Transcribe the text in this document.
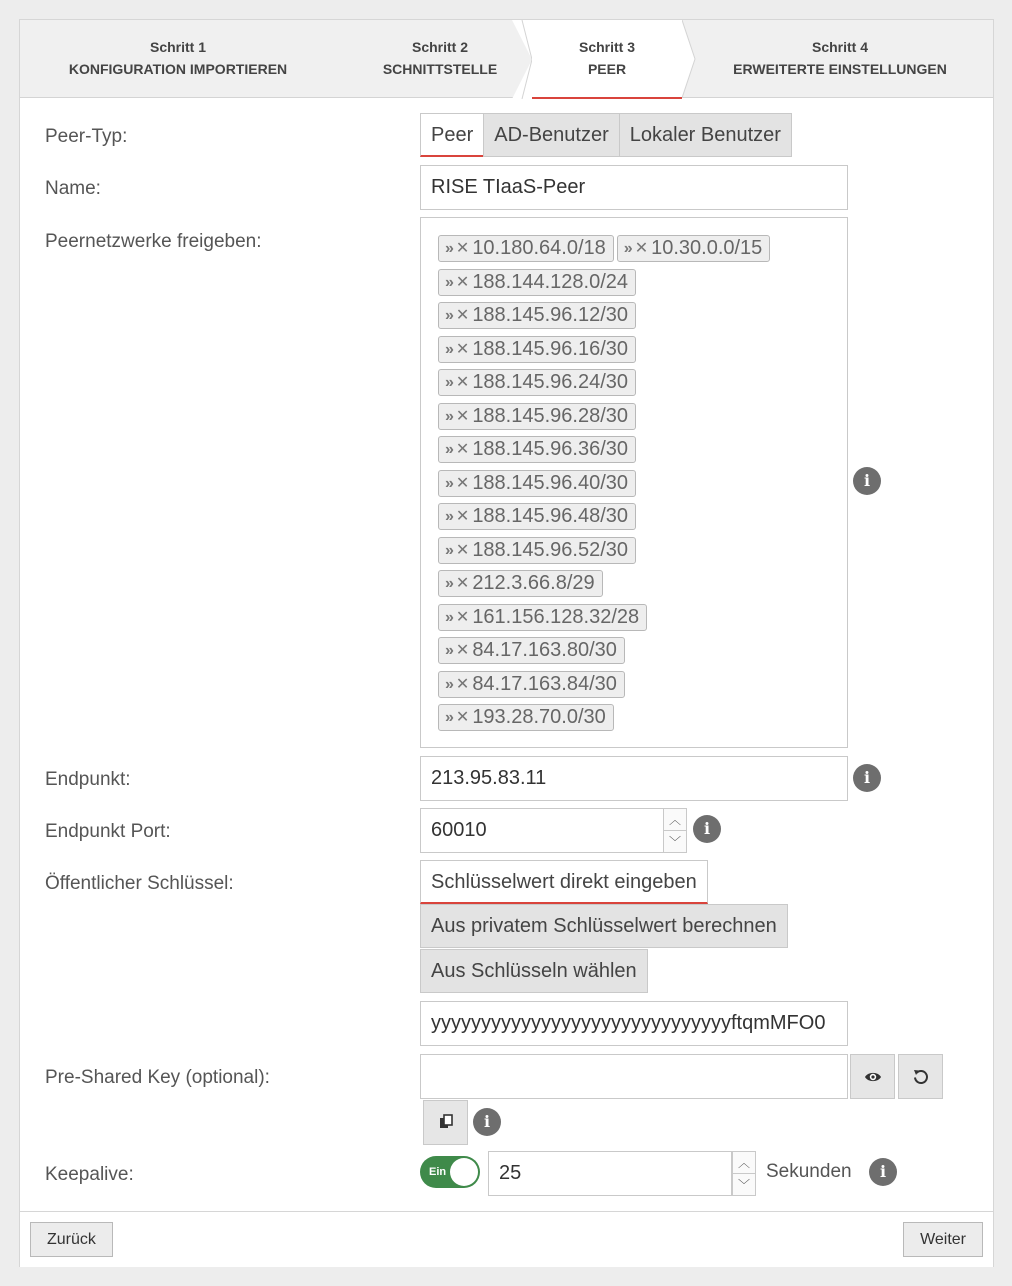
Schritt 1
KONFIGURATION IMPORTIEREN
Schritt 2
SCHNITTSTELLE
Schritt 3
PEER
Schritt 4
ERWEITERTE EINSTELLUNGEN
Peer-Typ:	Peer	AD-Benutzer	Lokaler Benutzer
Name:	RISE TIaaS-Peer
Peernetzwerke freigeben:	» ✕ 10.180.64.0/18 » ✕ 10.30.0.0/15
» ✕ 188.144.128.0/24
» ✕ 188.145.96.12/30
» ✕ 188.145.96.16/30
» ✕ 188.145.96.24/30
» ✕ 188.145.96.28/30
» ✕ 188.145.96.36/30
» ✕ 188.145.96.40/30
» ✕ 188.145.96.48/30
» ✕ 188.145.96.52/30
» ✕ 212.3.66.8/29
» ✕ 161.156.128.32/28
» ✕ 84.17.163.80/30
» ✕ 84.17.163.84/30
» ✕ 193.28.70.0/30
i
Endpunkt:	213.95.83.11	i
Endpunkt Port:	60010	︿
﹀
i
Öffentlicher Schlüssel:	Schlüsselwert direkt eingeben
Aus privatem Schlüsselwert berechnen
Aus Schlüsseln wählen
yyyyyyyyyyyyyyyyyyyyyyyyyyyyyyftqmMFO0
Pre-Shared Key (optional):
i
Keepalive:	Ein	25	︿
﹀
Sekunden	i
Zurück	Weiter
